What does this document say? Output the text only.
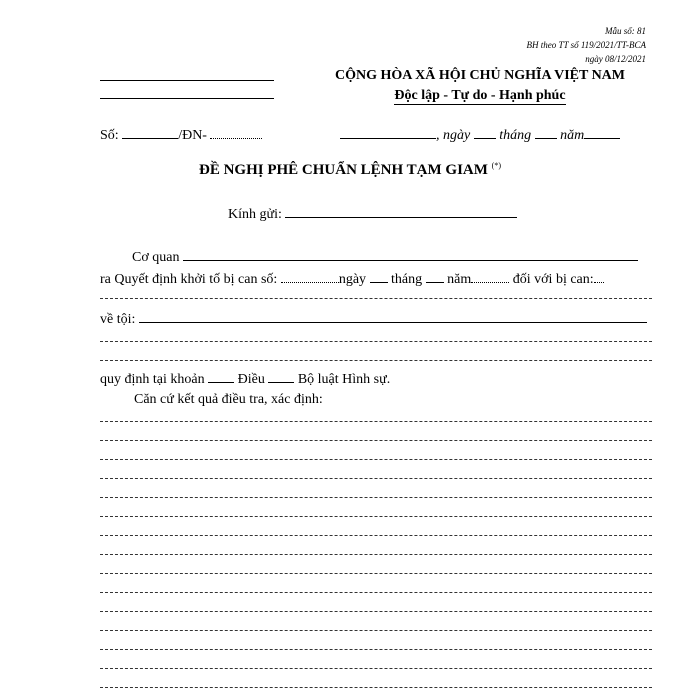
Mẫu số: 81
BH theo TT số 119/2021/TT-BCA
ngày 08/12/2021
CỘNG HÒA XÃ HỘI CHỦ NGHĨA VIỆT NAM
Độc lập - Tự do - Hạnh phúc
Số:	/ĐN-	, ngày tháng năm
ĐỀ NGHỊ PHÊ CHUẨN LỆNH TẠM GIAM (*)
Kính gửi:
Cơ quan
ra Quyết định khởi tố bị can số:	ngày tháng năm	đối với bị can:
về tội:
quy định tại khoản Điều Bộ luật Hình sự.
Căn cứ kết quả điều tra, xác định:
